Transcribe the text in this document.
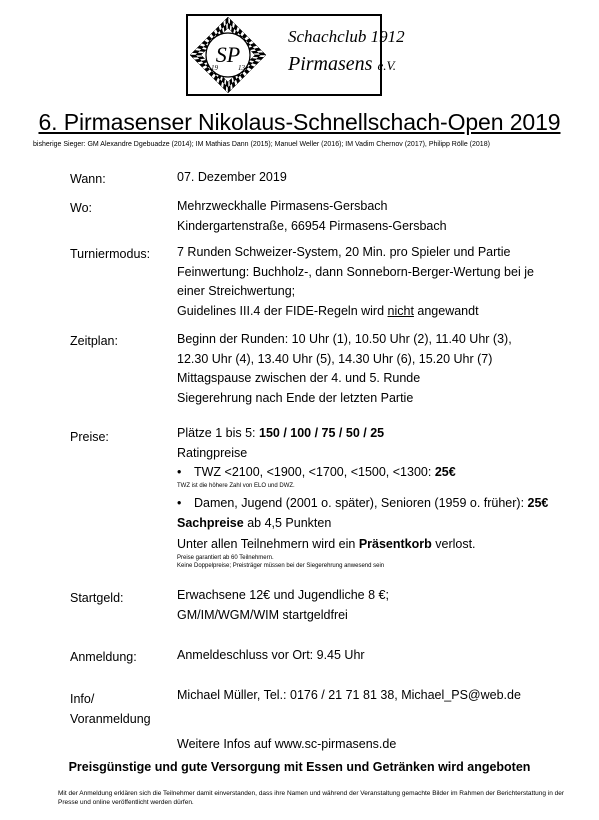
SP
19	13
Schachclub 1912
Pirmasens e.V.
6. Pirmasenser Nikolaus-Schnellschach-Open 2019
bisherige Sieger: GM Alexandre Dgebuadze (2014); IM Mathias Dann (2015); Manuel Weller (2016); IM Vadim Chernov (2017), Philipp Rölle (2018)
Wann:	07. Dezember 2019
Wo:	Mehrzweckhalle Pirmasens-Gersbach
Kindergartenstraße, 66954 Pirmasens-Gersbach
Turniermodus: 7 Runden Schweizer-System, 20 Min. pro Spieler und Partie
Feinwertung: Buchholz-, dann Sonneborn-Berger-Wertung bei je
einer Streichwertung;
Guidelines III.4 der FIDE-Regeln wird nicht angewandt
Zeitplan:	Beginn der Runden: 10 Uhr (1), 10.50 Uhr (2), 11.40 Uhr (3),
12.30 Uhr (4), 13.40 Uhr (5), 14.30 Uhr (6), 15.20 Uhr (7)
Mittagspause zwischen der 4. und 5. Runde
Siegerehrung nach Ende der letzten Partie
Preise:	Plätze 1 bis 5: 150 / 100 / 75 / 50 / 25
Ratingpreise
• TWZ <2100, <1900, <1700, <1500, <1300: 25€
TWZ ist die höhere Zahl von ELO und DWZ.
• Damen, Jugend (2001 o. später), Senioren (1959 o. früher): 25€
Sachpreise ab 4,5 Punkten
Unter allen Teilnehmern wird ein Präsentkorb verlost.
Preise garantiert ab 60 Teilnehmern.
Keine Doppelpreise; Preisträger müssen bei der Siegerehrung anwesend sein
Startgeld:	Erwachsene 12€ und Jugendliche 8 €;
GM/IM/WGM/WIM startgeldfrei
Anmeldung:	Anmeldeschluss vor Ort: 9.45 Uhr
Info/
Voranmeldung
Michael Müller, Tel.: 0176 / 21 71 81 38, Michael_PS@web.de
Weitere Infos auf www.sc-pirmasens.de
Preisgünstige und gute Versorgung mit Essen und Getränken wird angeboten
Mit der Anmeldung erklären sich die Teilnehmer damit einverstanden, dass ihre Namen und während der Veranstaltung gemachte Bilder im Rahmen der Berichterstattung in der Presse und online veröffentlicht werden dürfen.
